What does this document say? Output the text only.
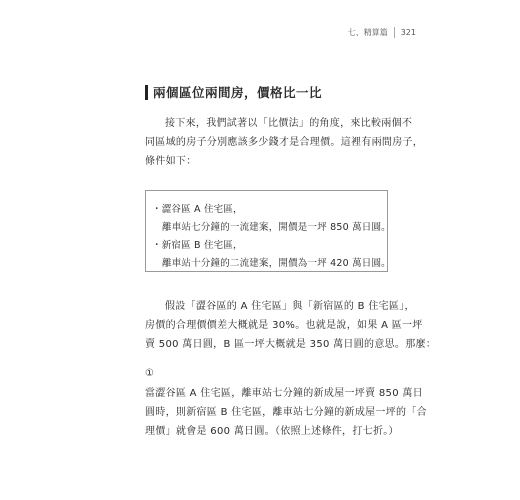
七、精算篇 321
兩個區位兩間房，價格比一比
接下來，我們試著以「比價法」的角度，來比較兩個不
同區域的房子分別應該多少錢才是合理價。這裡有兩間房子，
條件如下：
・澀谷區 A 住宅區，
離車站七分鐘的一流建案，開價是一坪 850 萬日圓。
・新宿區 B 住宅區，
離車站十分鐘的二流建案，開價為一坪 420 萬日圓。
假設「澀谷區的 A 住宅區」與「新宿區的 B 住宅區」，
房價的合理價價差大概就是 30%。也就是說，如果 A 區一坪
賣 500 萬日圓，B 區一坪大概就是 350 萬日圓的意思。那麼：
①
當澀谷區 A 住宅區，離車站七分鐘的新成屋一坪賣 850 萬日
圓時，則新宿區 B 住宅區，離車站七分鐘的新成屋一坪的「合
理價」就會是 600 萬日圓。（依照上述條件，打七折。）
